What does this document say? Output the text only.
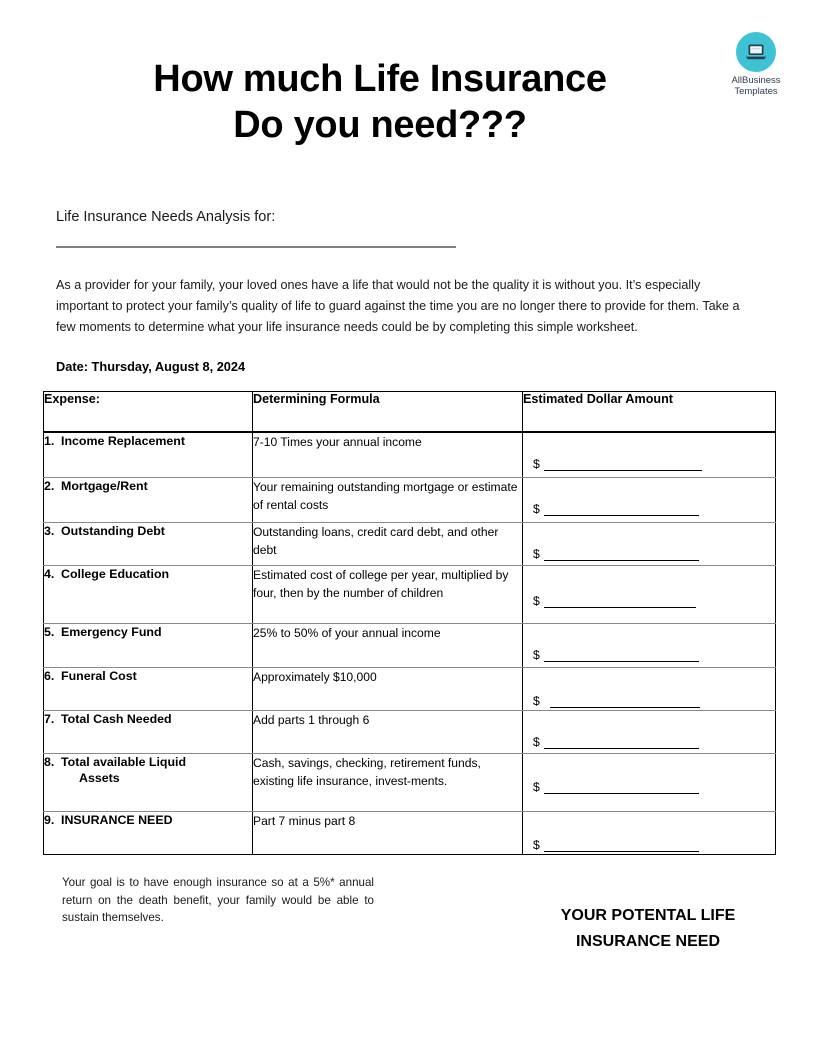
AllBusiness
Templates
How much Life Insurance
Do you need???
Life Insurance Needs Analysis for:
As a provider for your family, your loved ones have a life that would not be the quality it is without you. It’s especially important to protect your family’s quality of life to guard against the time you are no longer there to provide for them. Take a few moments to determine what your life insurance needs could be by completing this simple worksheet.
Date: Thursday, August 8, 2024
Expense:	Determining Formula	Estimated Dollar Amount
1. Income Replacement	7-10 Times your annual income	$

2. Mortgage/Rent	Your remaining outstanding mortgage or estimate of rental costs	$

3. Outstanding Debt	Outstanding loans, credit card debt, and other debt	$

4. College Education	Estimated cost of college per year, multiplied by four, then by the number of children	$

5. Emergency Fund	25% to 50% of your annual income	$

6. Funeral Cost	Approximately $10,000	$

7. Total Cash Needed	Add parts 1 through 6	$

8. Total available Liquid
Assets	Cash, savings, checking, retirement funds, existing life insurance, invest-ments.	$

9. INSURANCE NEED	Part 7 minus part 8	$
Your goal is to have enough insurance so at a 5%* annual return on the death benefit, your family would be able to sustain themselves.	YOUR POTENTAL LIFE
INSURANCE NEED
